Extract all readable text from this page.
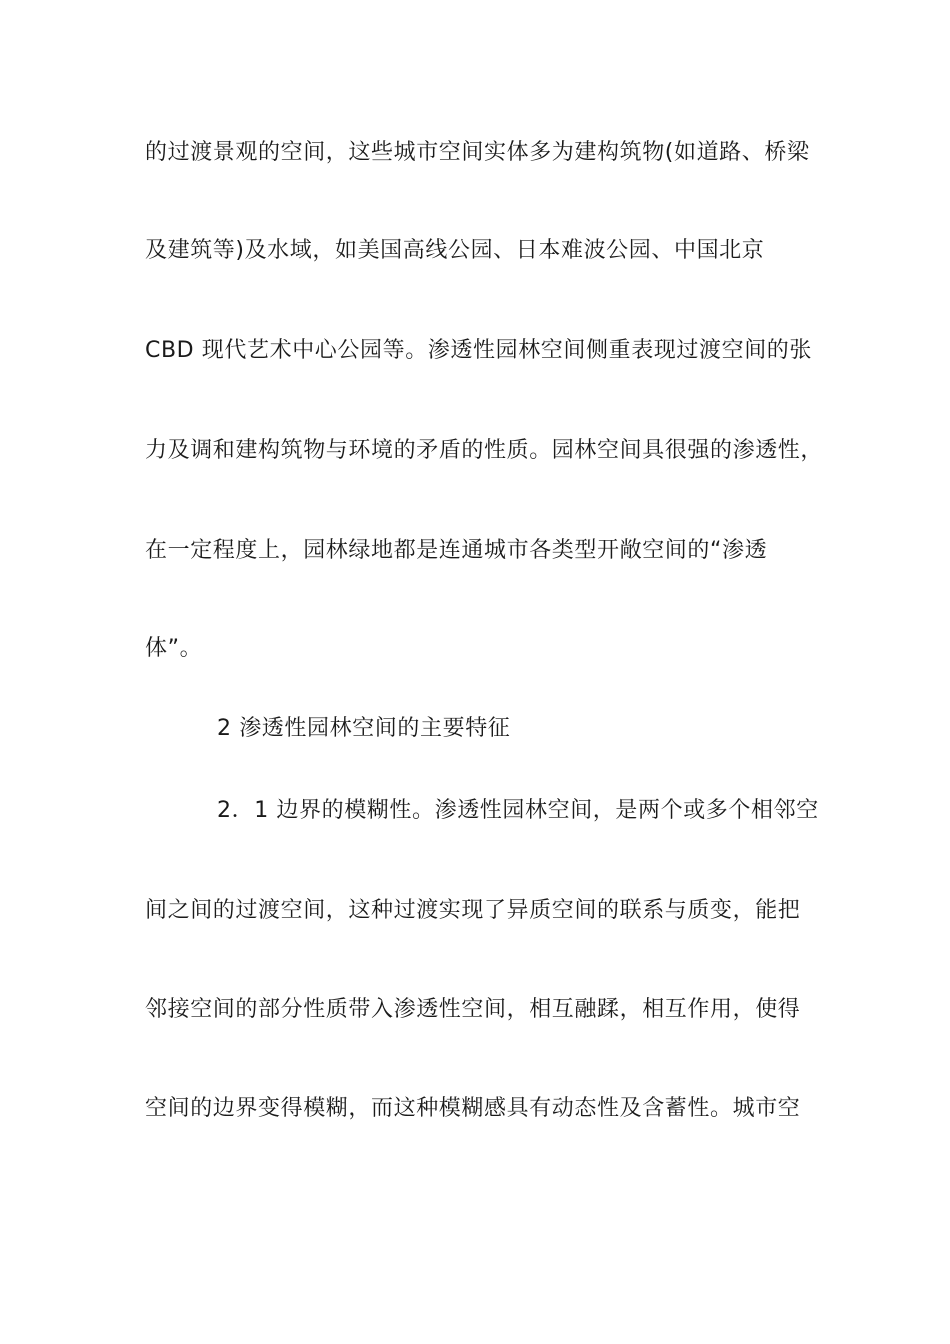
的过渡景观的空间，这些城市空间实体多为建构筑物(如道路、桥梁
及建筑等)及水域，如美国高线公园、日本难波公园、中国北京
CBD 现代艺术中心公园等。渗透性园林空间侧重表现过渡空间的张
力及调和建构筑物与环境的矛盾的性质。园林空间具很强的渗透性，
在一定程度上，园林绿地都是连通城市各类型开敞空间的“渗透
体”。
2 渗透性园林空间的主要特征
2．1 边界的模糊性。渗透性园林空间，是两个或多个相邻空
间之间的过渡空间，这种过渡实现了异质空间的联系与质变，能把
邻接空间的部分性质带入渗透性空间，相互融蹂，相互作用，使得
空间的边界变得模糊，而这种模糊感具有动态性及含蓄性。城市空
